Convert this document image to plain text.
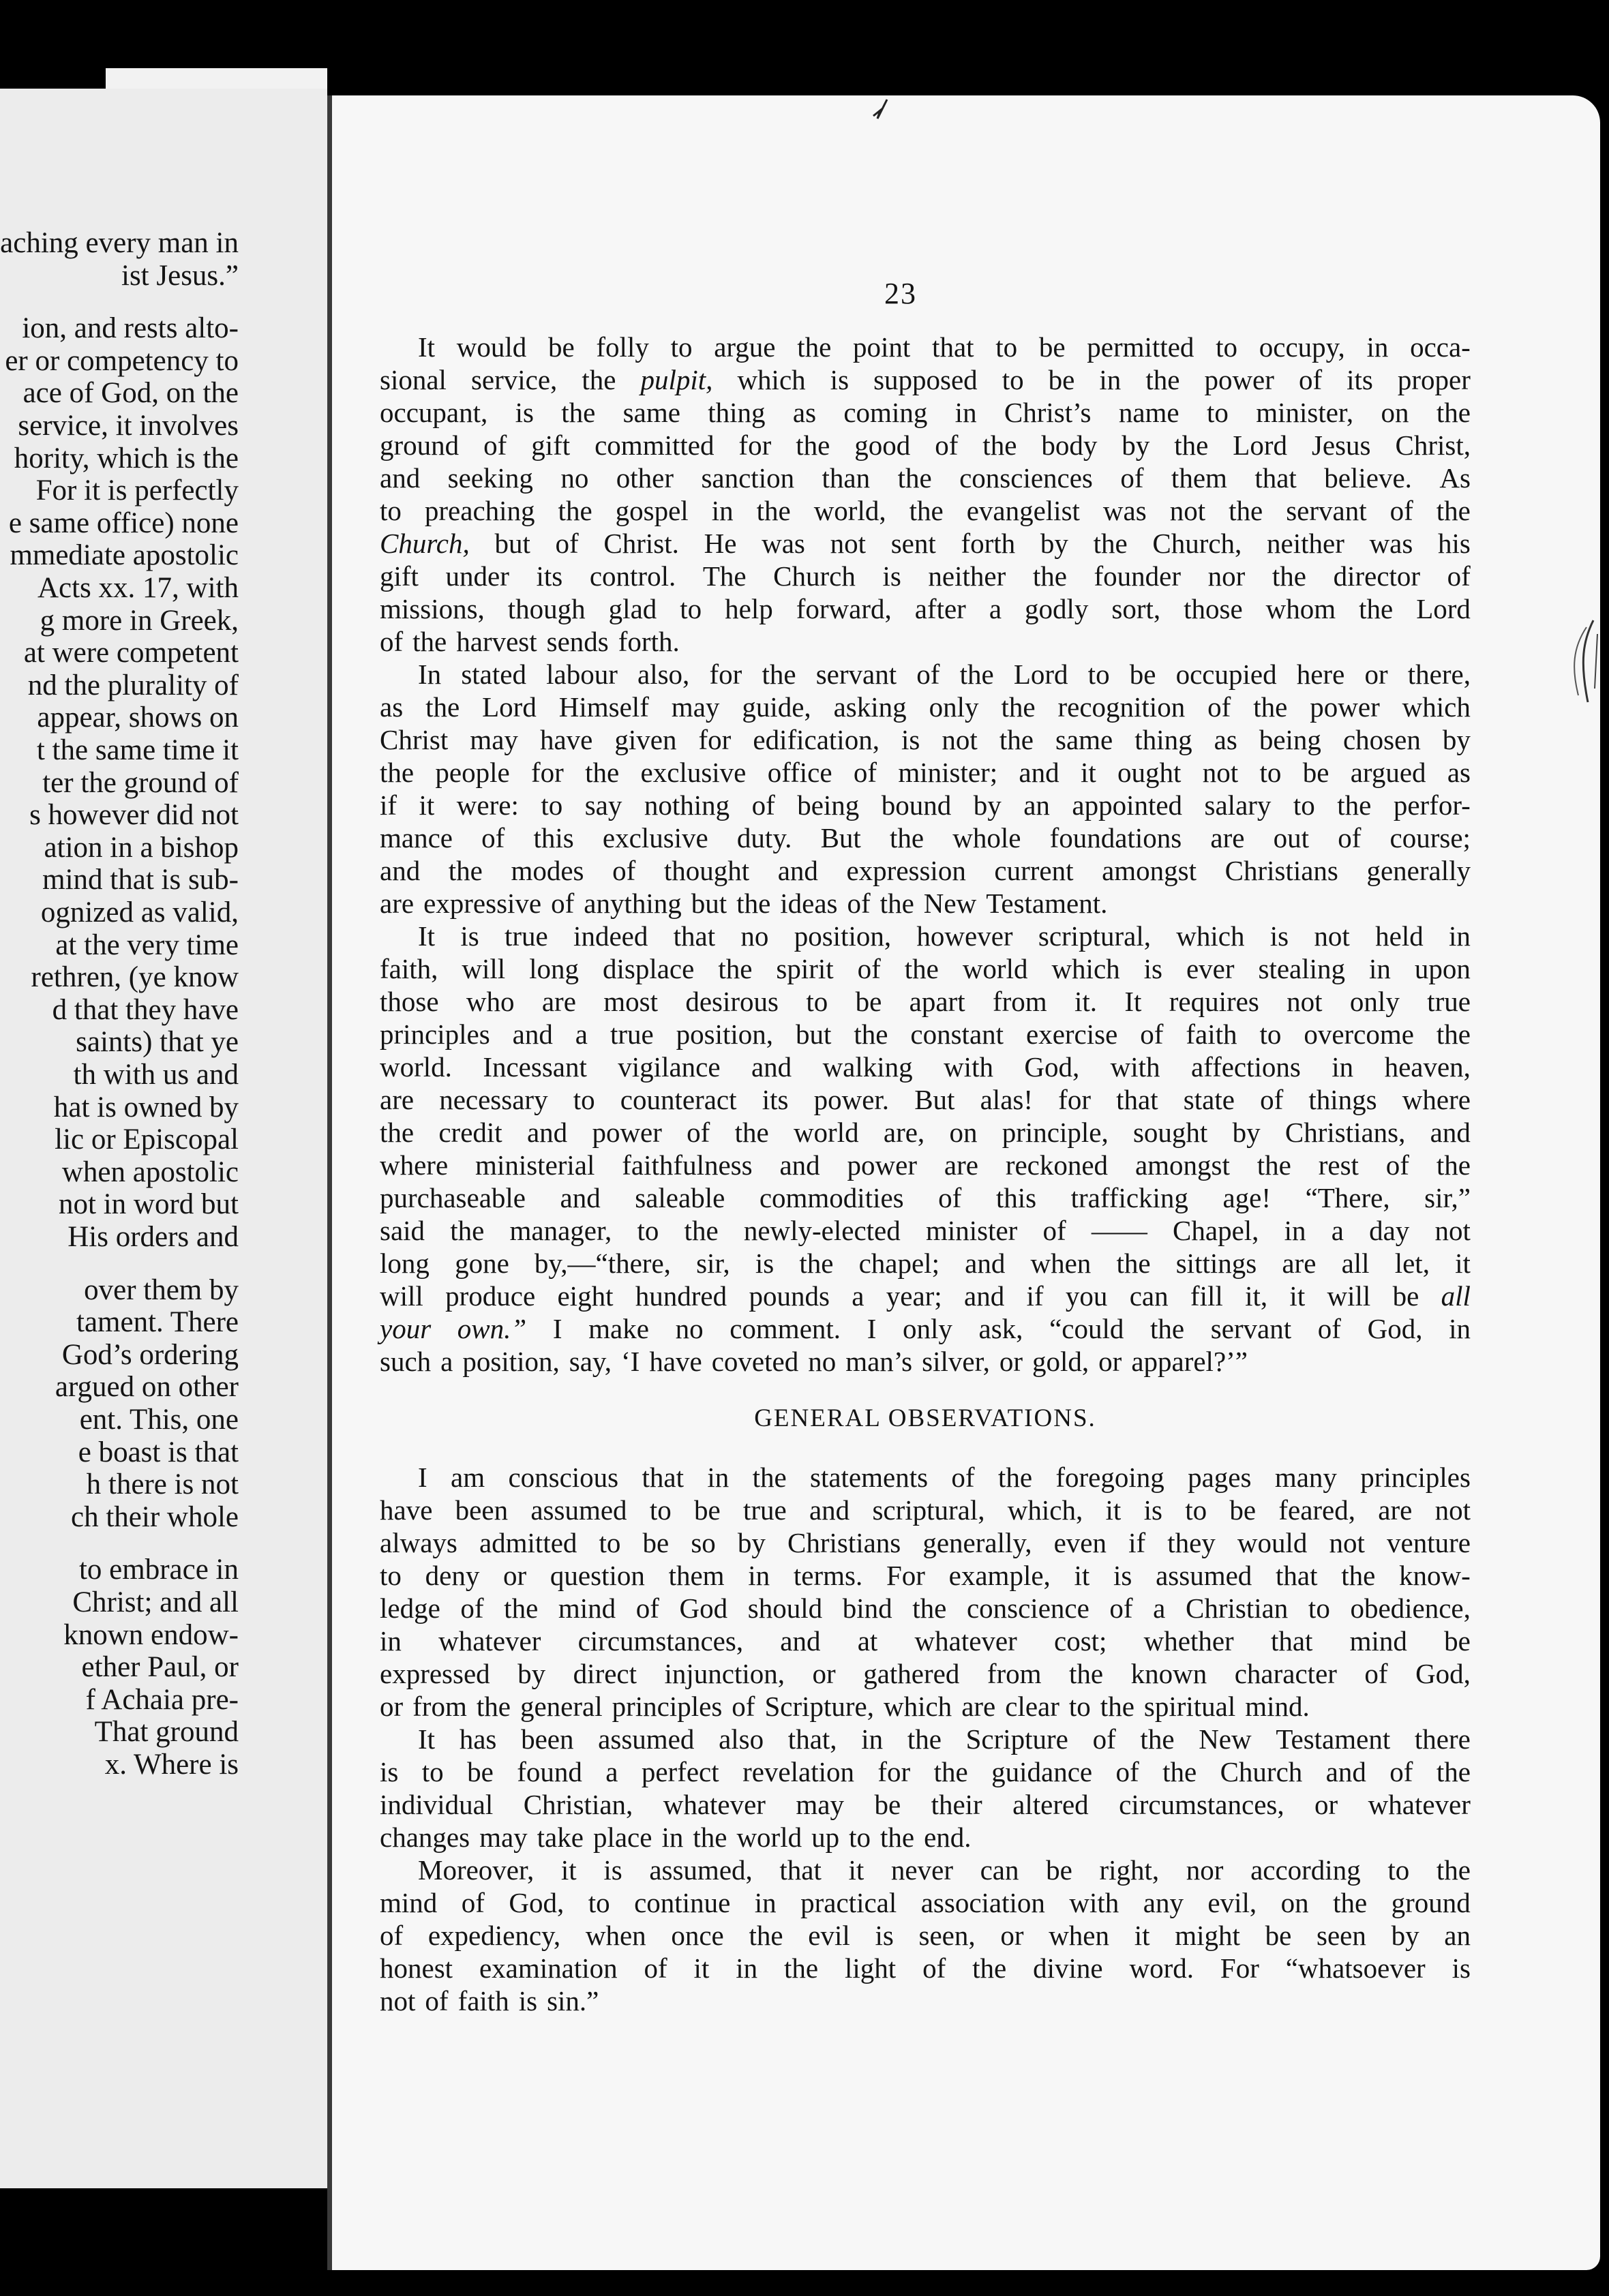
aching every man in
ist Jesus.”
ion, and rests alto-
er or competency to
ace of God, on the
service, it involves
hority, which is the
For it is perfectly
e same office) none
mmediate apostolic
Acts xx. 17, with
g more in Greek,
at were competent
nd the plurality of
appear, shows on
t the same time it
ter the ground of
s however did not
ation in a bishop
mind that is sub-
ognized as valid,
at the very time
rethren, (ye know
d that they have
saints) that ye
th with us and
hat is owned by
lic or Episcopal
when apostolic
not in word but
His orders and
over them by
tament. There
God’s ordering
argued on other
ent. This, one
e boast is that
h there is not
ch their whole
to embrace in
Christ; and all
known endow-
ether Paul, or
f Achaia pre-
That ground
x. Where is
23
It would be folly to argue the point that to be permitted to occupy, in occa-
sional service, the pulpit, which is supposed to be in the power of its proper
occupant, is the same thing as coming in Christ’s name to minister, on the
ground of gift committed for the good of the body by the Lord Jesus Christ,
and seeking no other sanction than the consciences of them that believe. As
to preaching the gospel in the world, the evangelist was not the servant of the
Church, but of Christ. He was not sent forth by the Church, neither was his
gift under its control. The Church is neither the founder nor the director of
missions, though glad to help forward, after a godly sort, those whom the Lord
of the harvest sends forth.
In stated labour also, for the servant of the Lord to be occupied here or there,
as the Lord Himself may guide, asking only the recognition of the power which
Christ may have given for edification, is not the same thing as being chosen by
the people for the exclusive office of minister; and it ought not to be argued as
if it were: to say nothing of being bound by an appointed salary to the perfor-
mance of this exclusive duty. But the whole foundations are out of course;
and the modes of thought and expression current amongst Christians generally
are expressive of anything but the ideas of the New Testament.
It is true indeed that no position, however scriptural, which is not held in
faith, will long displace the spirit of the world which is ever stealing in upon
those who are most desirous to be apart from it. It requires not only true
principles and a true position, but the constant exercise of faith to overcome the
world. Incessant vigilance and walking with God, with affections in heaven,
are necessary to counteract its power. But alas! for that state of things where
the credit and power of the world are, on principle, sought by Christians, and
where ministerial faithfulness and power are reckoned amongst the rest of the
purchaseable and saleable commodities of this trafficking age! “There, sir,”
said the manager, to the newly-elected minister of —— Chapel, in a day not
long gone by,—“there, sir, is the chapel; and when the sittings are all let, it
will produce eight hundred pounds a year; and if you can fill it, it will be all
your own.” I make no comment. I only ask, “could the servant of God, in
such a position, say, ‘I have coveted no man’s silver, or gold, or apparel?’”
GENERAL OBSERVATIONS.
I am conscious that in the statements of the foregoing pages many principles
have been assumed to be true and scriptural, which, it is to be feared, are not
always admitted to be so by Christians generally, even if they would not venture
to deny or question them in terms. For example, it is assumed that the know-
ledge of the mind of God should bind the conscience of a Christian to obedience,
in whatever circumstances, and at whatever cost; whether that mind be
expressed by direct injunction, or gathered from the known character of God,
or from the general principles of Scripture, which are clear to the spiritual mind.
It has been assumed also that, in the Scripture of the New Testament there
is to be found a perfect revelation for the guidance of the Church and of the
individual Christian, whatever may be their altered circumstances, or whatever
changes may take place in the world up to the end.
Moreover, it is assumed, that it never can be right, nor according to the
mind of God, to continue in practical association with any evil, on the ground
of expediency, when once the evil is seen, or when it might be seen by an
honest examination of it in the light of the divine word. For “whatsoever is
not of faith is sin.”
